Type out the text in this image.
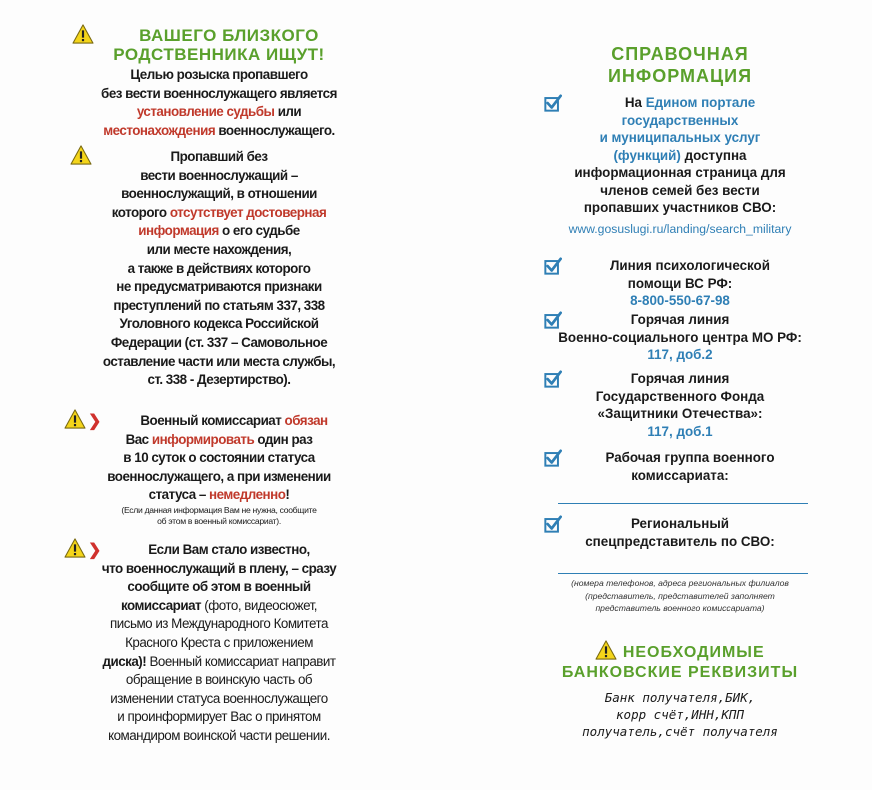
ВАШЕГО БЛИЗКОГО
РОДСТВЕННИКА ИЩУТ!
Целью розыска пропавшего
без вести военнослужащего является
установление судьбы или
местонахождения военнослужащего.
Пропавший без
вести военнослужащий –
военнослужащий, в отношении
которого отсутствует достоверная
информация о его судьбе
или месте нахождения,
а также в действиях которого
не предусматриваются признаки
преступлений по статьям 337, 338
Уголовного кодекса Российской
Федерации (ст. 337 – Самовольное
оставление части или места службы,
ст. 338 - Дезертирство).
❯	Военный комиссариат обязан
Вас информировать один раз
в 10 суток о состоянии статуса
военнослужащего, а при изменении
статуса – немедленно!
(Если данная информация Вам не нужна, сообщите
об этом в военный комиссариат).
❯	Если Вам стало известно,
что военнослужащий в плену, – сразу
сообщите об этом в военный
комиссариат (фото, видеосюжет,
письмо из Международного Комитета
Красного Креста с приложением
диска)! Военный комиссариат направит
обращение в воинскую часть об
изменении статуса военнослужащего
и проинформирует Вас о принятом
командиром воинской части решении.
СПРАВОЧНАЯ
ИНФОРМАЦИЯ
На Едином портале
государственных
и муниципальных услуг
(функций) доступна
информационная страница для
членов семей без вести
пропавших участников СВО:
www.gosuslugi.ru/landing/search_military
Линия психологической
помощи ВС РФ:
8-800-550-67-98
Горячая линия
Военно-социального центра МО РФ:
117, доб.2
Горячая линия
Государственного Фонда
«Защитники Отечества»:
117, доб.1
Рабочая группа военного
комиссариата:
Региональный
спецпредставитель по СВО:
(номера телефонов, адреса региональных филиалов
(представитель, представителей заполняет
представитель военного комиссариата)
НЕОБХОДИМЫЕ
БАНКОВСКИЕ РЕКВИЗИТЫ
Банк получателя,БИК,
корр счёт,ИНН,КПП
получатель,счёт получателя
